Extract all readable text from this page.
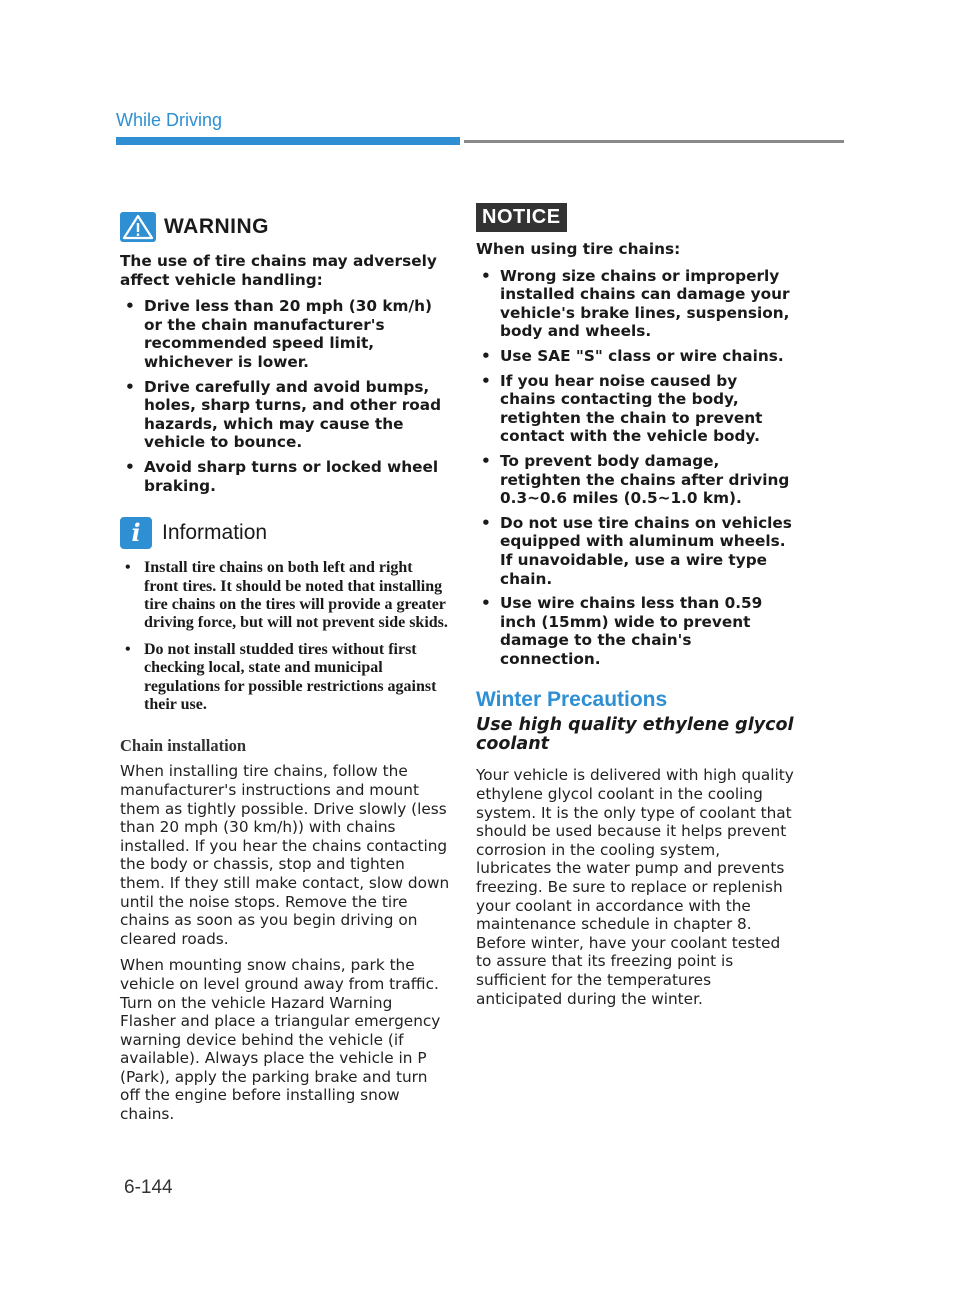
While Driving
WARNING

The use of tire chains may adversely affect vehicle handling:

• Drive less than 20 mph (30 km/h) or the chain manufacturer's recommended speed limit, whichever is lower.
• Drive carefully and avoid bumps, holes, sharp turns, and other road hazards, which may cause the vehicle to bounce.
• Avoid sharp turns or locked wheel braking.
i	Information
• Install tire chains on both left and right front tires. It should be noted that installing tire chains on the tires will provide a greater driving force, but will not prevent side skids.
• Do not install studded tires without first checking local, state and municipal regulations for possible restrictions against their use.
Chain installation

When installing tire chains, follow the manufacturer's instructions and mount them as tightly possible. Drive slowly (less than 20 mph (30 km/h)) with chains installed. If you hear the chains contacting the body or chassis, stop and tighten them. If they still make contact, slow down until the noise stops. Remove the tire chains as soon as you begin driving on cleared roads.

When mounting snow chains, park the vehicle on level ground away from traffic. Turn on the vehicle Hazard Warning Flasher and place a triangular emergency warning device behind the vehicle (if available). Always place the vehicle in P (Park), apply the parking brake and turn off the engine before installing snow chains.

NOTICE

When using tire chains:

• Wrong size chains or improperly installed chains can damage your vehicle's brake lines, suspension, body and wheels.
• Use SAE "S" class or wire chains.
• If you hear noise caused by chains contacting the body, retighten the chain to prevent contact with the vehicle body.
• To prevent body damage, retighten the chains after driving 0.3~0.6 miles (0.5~1.0 km).
• Do not use tire chains on vehicles equipped with aluminum wheels. If unavoidable, use a wire type chain.
• Use wire chains less than 0.59 inch (15mm) wide to prevent damage to the chain's connection.
Winter Precautions
Use high quality ethylene glycol coolant

Your vehicle is delivered with high quality ethylene glycol coolant in the cooling system. It is the only type of coolant that should be used because it helps prevent corrosion in the cooling system, lubricates the water pump and prevents freezing. Be sure to replace or replenish your coolant in accordance with the maintenance schedule in chapter 8. Before winter, have your coolant tested to assure that its freezing point is sufficient for the temperatures anticipated during the winter.

6-144
